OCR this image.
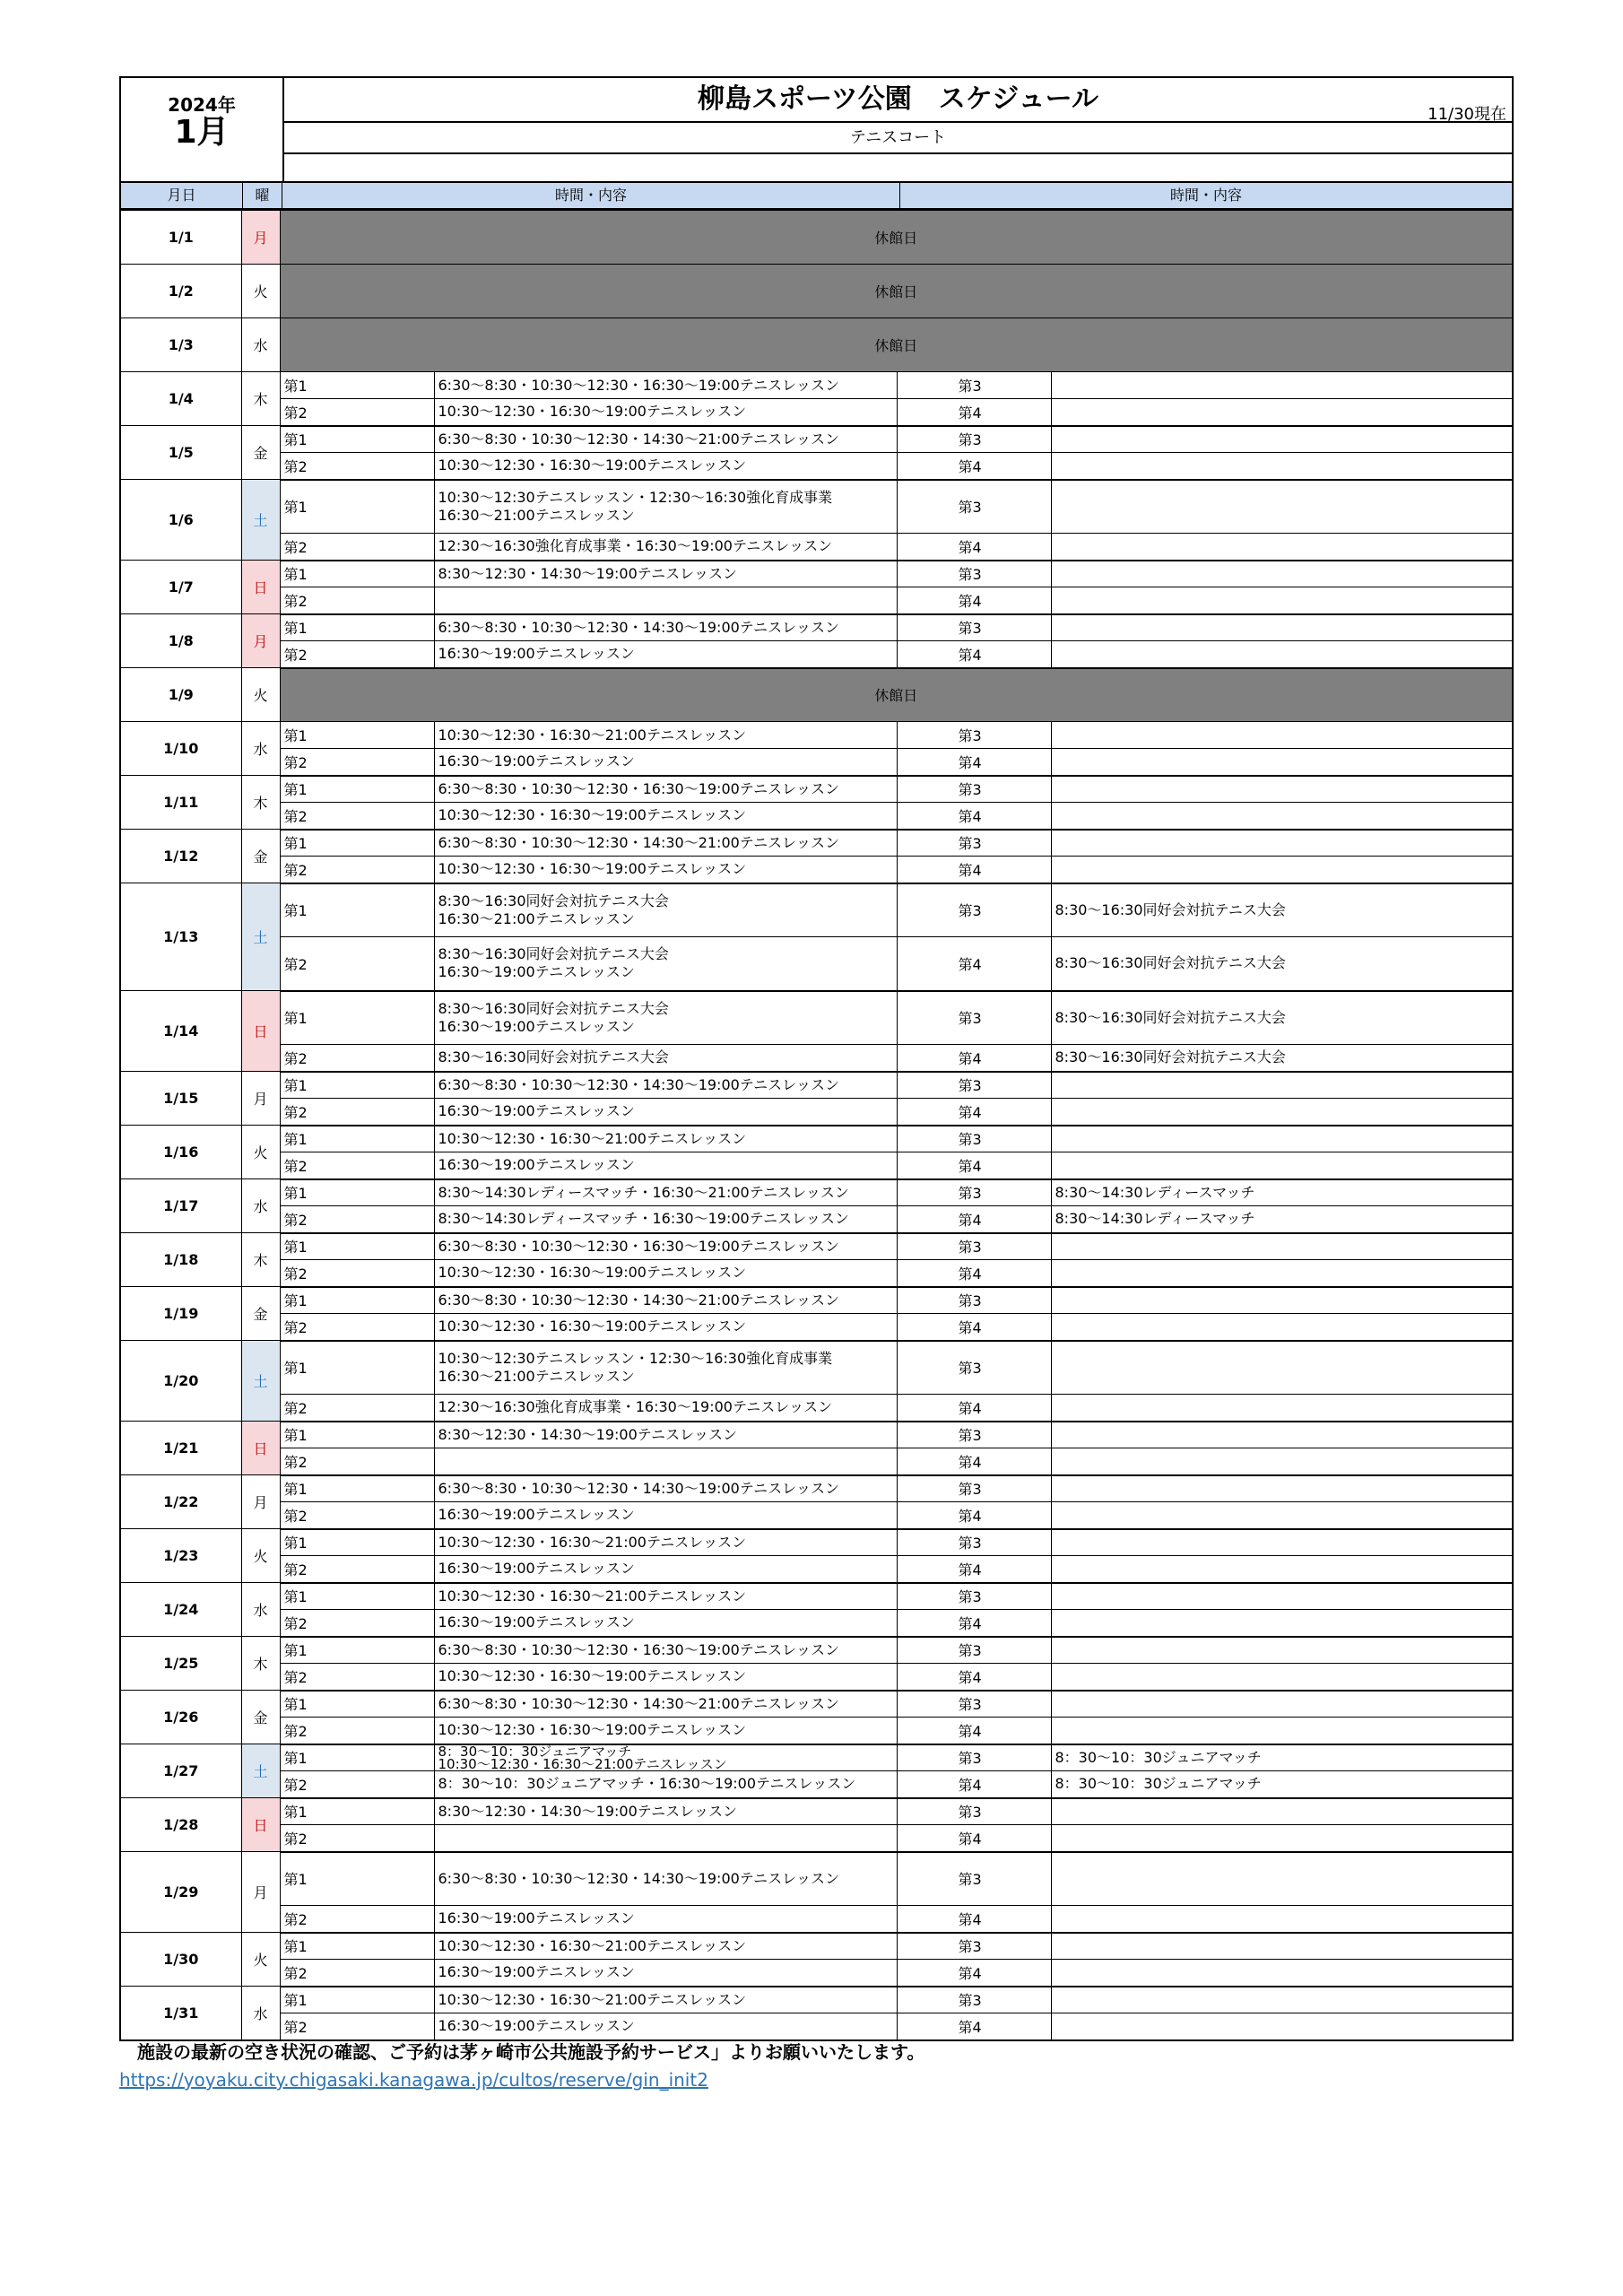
2024年
1月
柳島スポーツ公園　スケジュール	11/30現在
テニスコート
月日	曜	時間・内容	時間・内容
1/1	月	休館日			
1/2	火	休館日			
1/3	水	休館日			
1/4	木	第1	6:30〜8:30・10:30〜12:30・16:30〜19:00テニスレッスン	第3	
		第2	10:30〜12:30・16:30〜19:00テニスレッスン	第4	
1/5	金	第1	6:30〜8:30・10:30〜12:30・14:30〜21:00テニスレッスン	第3	
		第2	10:30〜12:30・16:30〜19:00テニスレッスン	第4	
1/6	土	第1	10:30〜12:30テニスレッスン・12:30〜16:30強化育成事業
16:30〜21:00テニスレッスン	第3	
		第2	12:30〜16:30強化育成事業・16:30〜19:00テニスレッスン	第4	
1/7	日	第1	8:30〜12:30・14:30〜19:00テニスレッスン	第3	
		第2		第4	
1/8	月	第1	6:30〜8:30・10:30〜12:30・14:30〜19:00テニスレッスン	第3	
		第2	16:30〜19:00テニスレッスン	第4	
1/9	火	休館日			
1/10	水	第1	10:30〜12:30・16:30〜21:00テニスレッスン	第3	
		第2	16:30〜19:00テニスレッスン	第4	
1/11	木	第1	6:30〜8:30・10:30〜12:30・16:30〜19:00テニスレッスン	第3	
		第2	10:30〜12:30・16:30〜19:00テニスレッスン	第4	
1/12	金	第1	6:30〜8:30・10:30〜12:30・14:30〜21:00テニスレッスン	第3	
		第2	10:30〜12:30・16:30〜19:00テニスレッスン	第4	
1/13	土	第1	8:30〜16:30同好会対抗テニス大会
16:30〜21:00テニスレッスン	第3	8:30〜16:30同好会対抗テニス大会
		第2	8:30〜16:30同好会対抗テニス大会
16:30〜19:00テニスレッスン	第4	8:30〜16:30同好会対抗テニス大会
1/14	日	第1	8:30〜16:30同好会対抗テニス大会
16:30〜19:00テニスレッスン	第3	8:30〜16:30同好会対抗テニス大会
		第2	8:30〜16:30同好会対抗テニス大会	第4	8:30〜16:30同好会対抗テニス大会
1/15	月	第1	6:30〜8:30・10:30〜12:30・14:30〜19:00テニスレッスン	第3	
		第2	16:30〜19:00テニスレッスン	第4	
1/16	火	第1	10:30〜12:30・16:30〜21:00テニスレッスン	第3	
		第2	16:30〜19:00テニスレッスン	第4	
1/17	水	第1	8:30〜14:30レディースマッチ・16:30〜21:00テニスレッスン	第3	8:30〜14:30レディースマッチ
		第2	8:30〜14:30レディースマッチ・16:30〜19:00テニスレッスン	第4	8:30〜14:30レディースマッチ
1/18	木	第1	6:30〜8:30・10:30〜12:30・16:30〜19:00テニスレッスン	第3	
		第2	10:30〜12:30・16:30〜19:00テニスレッスン	第4	
1/19	金	第1	6:30〜8:30・10:30〜12:30・14:30〜21:00テニスレッスン	第3	
		第2	10:30〜12:30・16:30〜19:00テニスレッスン	第4	
1/20	土	第1	10:30〜12:30テニスレッスン・12:30〜16:30強化育成事業
16:30〜21:00テニスレッスン	第3	
		第2	12:30〜16:30強化育成事業・16:30〜19:00テニスレッスン	第4	
1/21	日	第1	8:30〜12:30・14:30〜19:00テニスレッスン	第3	
		第2		第4	
1/22	月	第1	6:30〜8:30・10:30〜12:30・14:30〜19:00テニスレッスン	第3	
		第2	16:30〜19:00テニスレッスン	第4	
1/23	火	第1	10:30〜12:30・16:30〜21:00テニスレッスン	第3	
		第2	16:30〜19:00テニスレッスン	第4	
1/24	水	第1	10:30〜12:30・16:30〜21:00テニスレッスン	第3	
		第2	16:30〜19:00テニスレッスン	第4	
1/25	木	第1	6:30〜8:30・10:30〜12:30・16:30〜19:00テニスレッスン	第3	
		第2	10:30〜12:30・16:30〜19:00テニスレッスン	第4	
1/26	金	第1	6:30〜8:30・10:30〜12:30・14:30〜21:00テニスレッスン	第3	
		第2	10:30〜12:30・16:30〜19:00テニスレッスン	第4	
1/27	土	第1	8：30〜10：30ジュニアマッチ
10:30〜12:30・16:30〜21:00テニスレッスン	第3	8：30〜10：30ジュニアマッチ
		第2	8：30〜10：30ジュニアマッチ・16:30〜19:00テニスレッスン	第4	8：30〜10：30ジュニアマッチ
1/28	日	第1	8:30〜12:30・14:30〜19:00テニスレッスン	第3	
		第2		第4	
1/29	月	第1	6:30〜8:30・10:30〜12:30・14:30〜19:00テニスレッスン	第3	
		第2	16:30〜19:00テニスレッスン	第4	
1/30	火	第1	10:30〜12:30・16:30〜21:00テニスレッスン	第3	
		第2	16:30〜19:00テニスレッスン	第4	
1/31	水	第1	10:30〜12:30・16:30〜21:00テニスレッスン	第3	
		第2	16:30〜19:00テニスレッスン	第4	
施設の最新の空き状況の確認、ご予約は茅ヶ崎市公共施設予約サービス」よりお願いいたします。
https://yoyaku.city.chigasaki.kanagawa.jp/cultos/reserve/gin_init2
